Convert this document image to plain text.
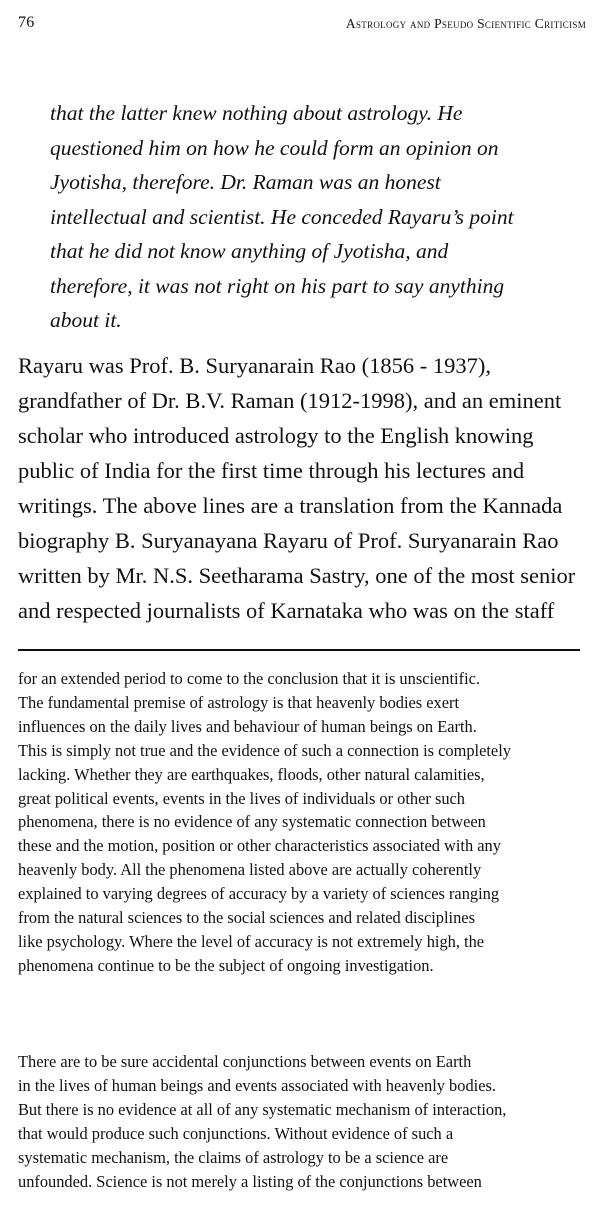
76	Astrology and Pseudo Scientific Criticism
that the latter knew nothing about astrology. He
questioned him on how he could form an opinion on
Jyotisha, therefore. Dr. Raman was an honest
intellectual and scientist. He conceded Rayaru’s point
that he did not know anything of Jyotisha, and
therefore, it was not right on his part to say anything
about it.
Rayaru was Prof. B. Suryanarain Rao (1856 - 1937),
grandfather of Dr. B.V. Raman (1912-1998), and an eminent
scholar who introduced astrology to the English knowing
public of India for the first time through his lectures and
writings. The above lines are a translation from the Kannada
biography B. Suryanayana Rayaru of Prof. Suryanarain Rao
written by Mr. N.S. Seetharama Sastry, one of the most senior
and respected journalists of Karnataka who was on the staff
for an extended period to come to the conclusion that it is unscientific.
The fundamental premise of astrology is that heavenly bodies exert
influences on the daily lives and behaviour of human beings on Earth.
This is simply not true and the evidence of such a connection is completely
lacking. Whether they are earthquakes, floods, other natural calamities,
great political events, events in the lives of individuals or other such
phenomena, there is no evidence of any systematic connection between
these and the motion, position or other characteristics associated with any
heavenly body. All the phenomena listed above are actually coherently
explained to varying degrees of accuracy by a variety of sciences ranging
from the natural sciences to the social sciences and related disciplines
like psychology. Where the level of accuracy is not extremely high, the
phenomena continue to be the subject of ongoing investigation.
There are to be sure accidental conjunctions between events on Earth
in the lives of human beings and events associated with heavenly bodies.
But there is no evidence at all of any systematic mechanism of interaction,
that would produce such conjunctions. Without evidence of such a
systematic mechanism, the claims of astrology to be a science are
unfounded. Science is not merely a listing of the conjunctions between
